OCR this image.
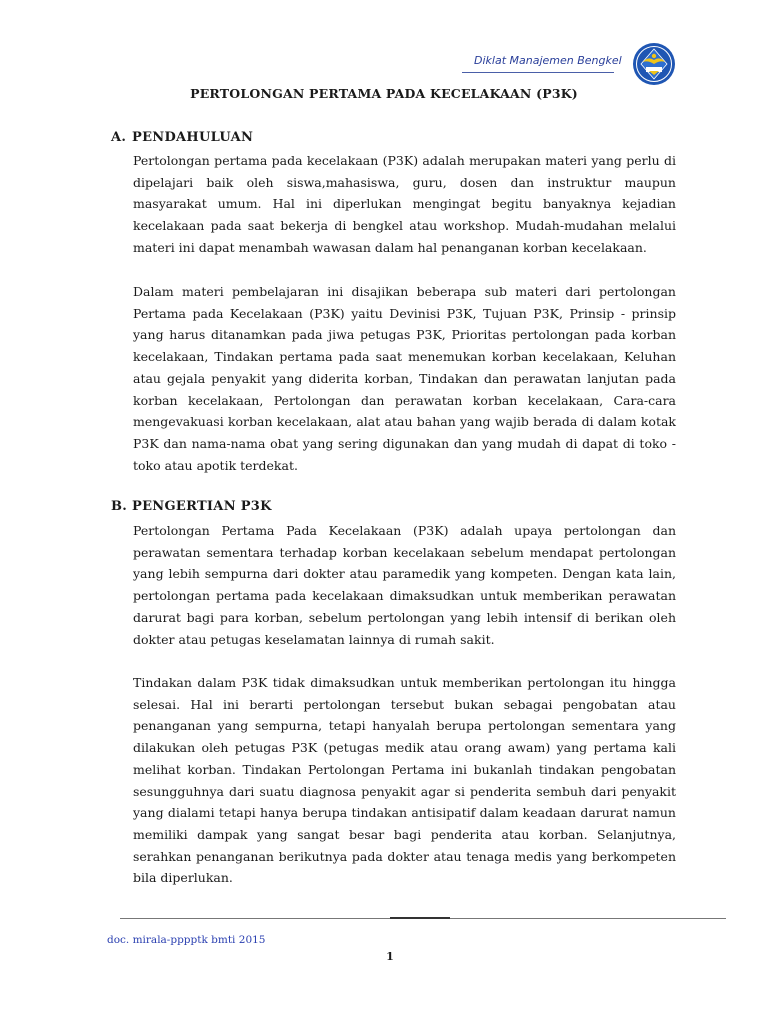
Diklat Manajemen Bengkel
PERTOLONGAN PERTAMA PADA KECELAKAAN (P3K)
A. PENDAHULUAN

Pertolongan pertama pada kecelakaan (P3K) adalah merupakan materi yang perlu di dipelajari baik oleh siswa,mahasiswa, guru, dosen dan instruktur maupun masyarakat umum. Hal ini diperlukan mengingat begitu banyaknya kejadian kecelakaan pada saat bekerja di bengkel atau workshop. Mudah-mudahan melalui materi ini dapat menambah wawasan dalam hal penanganan korban kecelakaan.

Dalam materi pembelajaran ini disajikan beberapa sub materi dari pertolongan Pertama pada Kecelakaan (P3K) yaitu Devinisi P3K, Tujuan P3K, Prinsip - prinsip yang harus ditanamkan pada jiwa petugas P3K, Prioritas pertolongan pada korban kecelakaan, Tindakan pertama pada saat menemukan korban kecelakaan, Keluhan atau gejala penyakit yang diderita korban, Tindakan dan perawatan lanjutan pada korban kecelakaan, Pertolongan dan perawatan korban kecelakaan, Cara-cara mengevakuasi korban kecelakaan, alat atau bahan yang wajib berada di dalam kotak P3K dan nama-nama obat yang sering digunakan dan yang mudah di dapat di toko - toko atau apotik terdekat.

B. PENGERTIAN P3K

Pertolongan Pertama Pada Kecelakaan (P3K) adalah upaya pertolongan dan perawatan sementara terhadap korban kecelakaan sebelum mendapat pertolongan yang lebih sempurna dari dokter atau paramedik yang kompeten. Dengan kata lain, pertolongan pertama pada kecelakaan dimaksudkan untuk memberikan perawatan darurat bagi para korban, sebelum pertolongan yang lebih intensif di berikan oleh dokter atau petugas keselamatan lainnya di rumah sakit.

Tindakan dalam P3K tidak dimaksudkan untuk memberikan pertolongan itu hingga selesai. Hal ini berarti pertolongan tersebut bukan sebagai pengobatan atau penanganan yang sempurna, tetapi hanyalah berupa pertolongan sementara yang dilakukan oleh petugas P3K (petugas medik atau orang awam) yang pertama kali melihat korban. Tindakan Pertolongan Pertama ini bukanlah tindakan pengobatan sesungguhnya dari suatu diagnosa penyakit agar si penderita sembuh dari penyakit yang dialami tetapi hanya berupa tindakan antisipatif dalam keadaan darurat namun memiliki dampak yang sangat besar bagi penderita atau korban. Selanjutnya, serahkan penanganan berikutnya pada dokter atau tenaga medis yang berkompeten bila diperlukan.

doc. mirala-pppptk bmti 2015
1
